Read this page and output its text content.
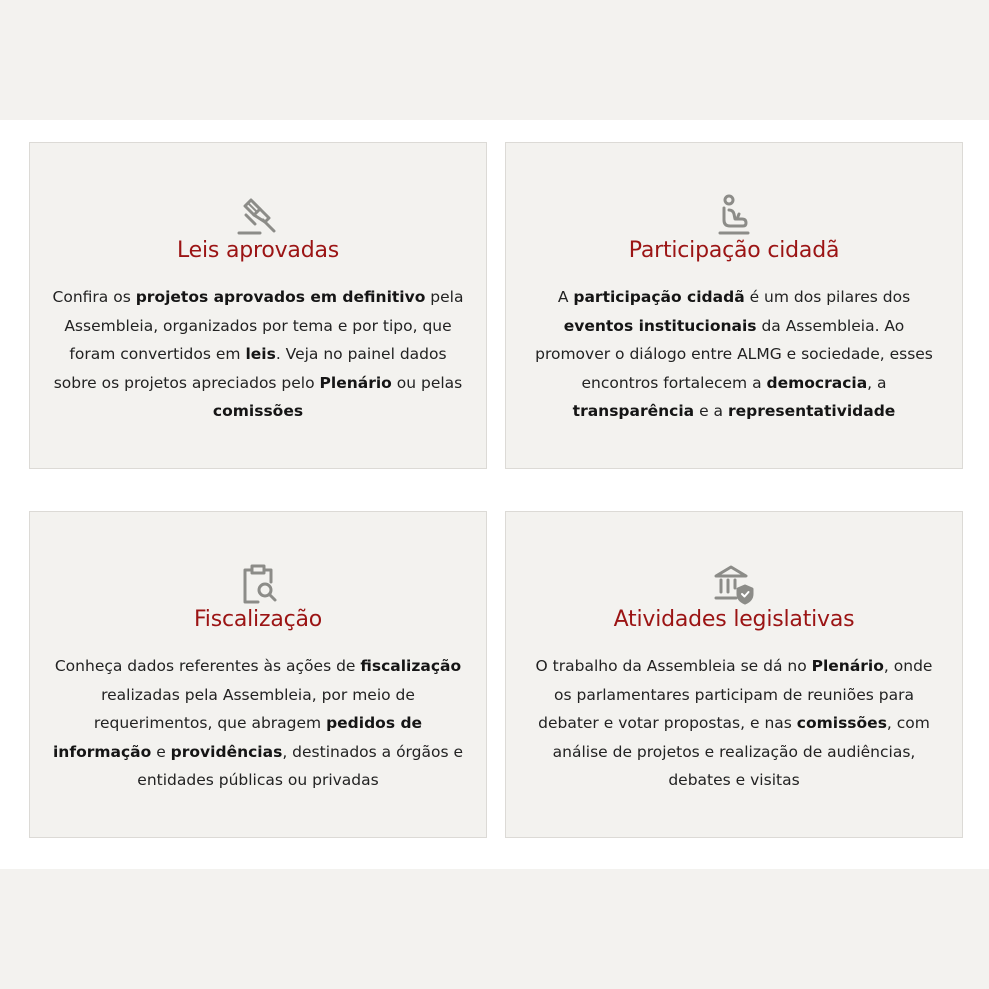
Leis aprovadas

Confira os projetos aprovados em definitivo pela Assembleia, organizados por tema e por tipo, que foram convertidos em leis. Veja no painel dados sobre os projetos apreciados pelo Plenário ou pelas comissões

Participação cidadã

A participação cidadã é um dos pilares dos eventos institucionais da Assembleia. Ao promover o diálogo entre ALMG e sociedade, esses encontros fortalecem a democracia, a transparência e a representatividade

Fiscalização

Conheça dados referentes às ações de fiscalização realizadas pela Assembleia, por meio de requerimentos, que abragem pedidos de informação e providências, destinados a órgãos e entidades públicas ou privadas

Atividades legislativas

O trabalho da Assembleia se dá no Plenário, onde os parlamentares participam de reuniões para debater e votar propostas, e nas comissões, com análise de projetos e realização de audiências, debates e visitas
